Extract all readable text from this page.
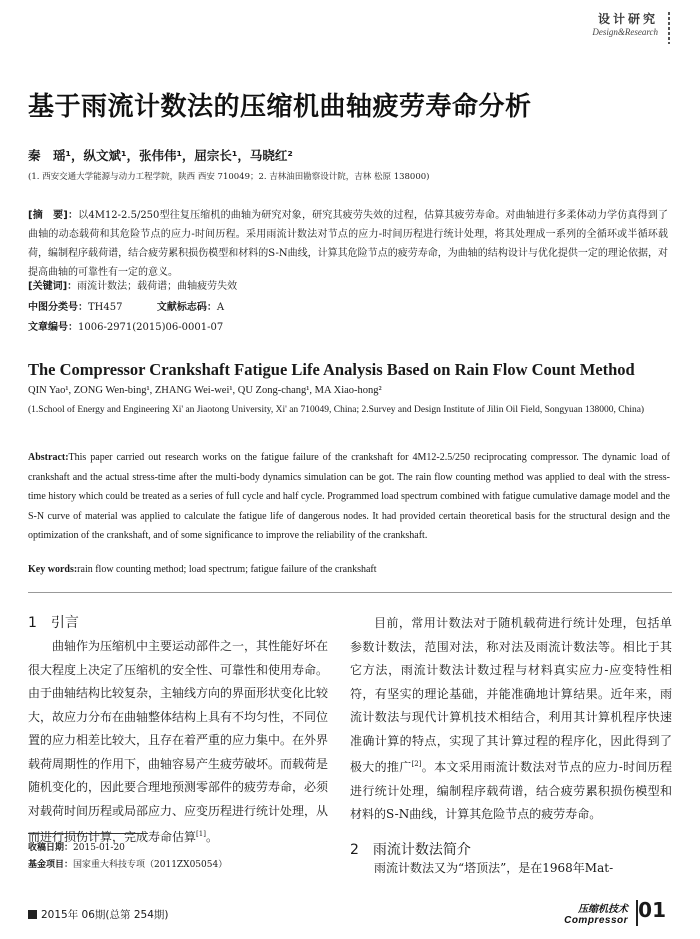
设计研究
Design&Research
基于雨流计数法的压缩机曲轴疲劳寿命分析
秦　瑶¹，纵文斌¹，张伟伟¹，屈宗长¹，马晓红²
(1. 西安交通大学能源与动力工程学院，陕西 西安 710049；2. 吉林油田勘察设计院，吉林 松原 138000)
[摘　要]：以4M12-2.5/250型往复压缩机的曲轴为研究对象，研究其疲劳失效的过程，估算其疲劳寿命。对曲轴进行多柔体动力学仿真得到了曲轴的动态载荷和其危险节点的应力-时间历程。采用雨流计数法对节点的应力-时间历程进行统计处理，将其处理成一系列的全循环或半循环载荷，编制程序载荷谱，结合疲劳累积损伤模型和材料的S-N曲线，计算其危险节点的疲劳寿命，为曲轴的结构设计与优化提供一定的理论依据，对提高曲轴的可靠性有一定的意义。
[关键词]：雨流计数法；载荷谱；曲轴疲劳失效
中图分类号：TH457	文献标志码：A
文章编号：1006-2971(2015)06-0001-07
The Compressor Crankshaft Fatigue Life Analysis Based on Rain Flow Count Method
QIN Yao¹, ZONG Wen-bing¹, ZHANG Wei-wei¹, QU Zong-chang¹, MA Xiao-hong²
(1.School of Energy and Engineering Xi' an Jiaotong University, Xi' an 710049, China; 2.Survey and Design Institute of Jilin Oil Field, Songyuan 138000, China)
Abstract:This paper carried out research works on the fatigue failure of the crankshaft for 4M12-2.5/250 reciprocating compressor. The dynamic load of crankshaft and the actual stress-time after the multi-body dynamics simulation can be got. The rain flow counting method was applied to deal with the stress-time history which could be treated as a series of full cycle and half cycle. Programmed load spectrum combined with fatigue cumulative damage model and the S-N curve of material was applied to calculate the fatigue life of dangerous nodes. It had provided certain theoretical basis for the structural design and the optimization of the crankshaft, and of some significance to improve the reliability of the crankshaft.
Key words:rain flow counting method; load spectrum; fatigue failure of the crankshaft
1　引言
曲轴作为压缩机中主要运动部件之一，其性能好坏在很大程度上决定了压缩机的安全性、可靠性和使用寿命。由于曲轴结构比较复杂，主轴线方向的界面形状变化比较大，故应力分布在曲轴整体结构上具有不均匀性，不同位置的应力相差比较大，且存在着严重的应力集中。在外界载荷周期性的作用下，曲轴容易产生疲劳破坏。而载荷是随机变化的，因此要合理地预测零部件的疲劳寿命，必须对载荷时间历程或局部应力、应变历程进行统计处理，从而进行损伤计算，完成寿命估算[1]。
目前，常用计数法对于随机载荷进行统计处理，包括单参数计数法，范围对法，称对法及雨流计数法等。相比于其它方法，雨流计数法计数过程与材料真实应力-应变特性相符，有坚实的理论基础，并能准确地计算结果。近年来，雨流计数法与现代计算机技术相结合，利用其计算机程序快速准确计算的特点，实现了其计算过程的程序化，因此得到了极大的推广[2]。本文采用雨流计数法对节点的应力-时间历程进行统计处理，编制程序载荷谱，结合疲劳累积损伤模型和材料的S-N曲线，计算其危险节点的疲劳寿命。
收稿日期：2015-01-20
基金项目：国家重大科技专项（2011ZX05054）
2　雨流计数法简介
雨流计数法又为“塔顶法”，是在1968年Mat-
2015年 06期(总第 254期)	压缩机技术
Compressor 01
